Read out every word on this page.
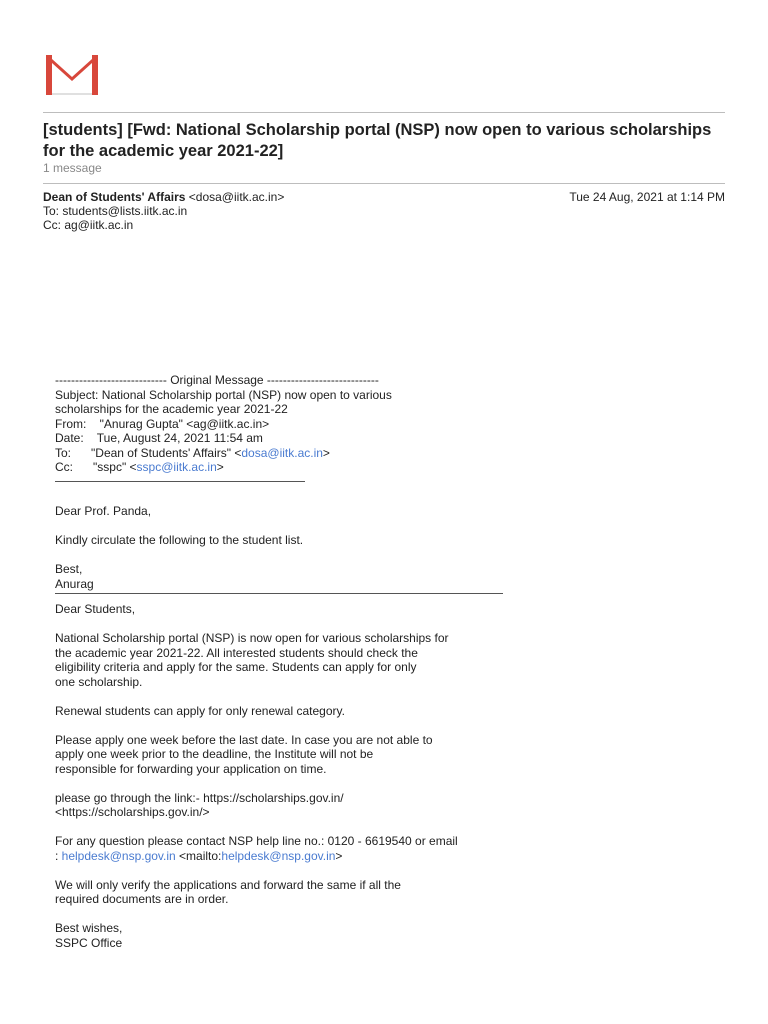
[students] [Fwd: National Scholarship portal (NSP) now open to various scholarships for the academic year 2021-22]
1 message
Dean of Students' Affairs <dosa@iitk.ac.in>	Tue 24 Aug, 2021 at 1:14 PM
To: students@lists.iitk.ac.in
Cc: ag@iitk.ac.in
---------------------------- Original Message ----------------------------
Subject: National Scholarship portal (NSP) now open to various
scholarships for the academic year 2021-22
From:    "Anurag Gupta" <ag@iitk.ac.in>
Date:    Tue, August 24, 2021 11:54 am
To:      "Dean of Students' Affairs" <dosa@iitk.ac.in>
Cc:      "sspc" <sspc@iitk.ac.in>
Dear Prof. Panda,
Kindly circulate the following to the student list.
Best,
Anurag
Dear Students,
National Scholarship portal (NSP) is now open for various scholarships for
the academic year 2021-22. All interested students should check the
eligibility criteria and apply for the same. Students can apply for only
one scholarship.
Renewal students can apply for only renewal category.
Please apply one week before the last date. In case you are not able to
apply one week prior to the deadline, the Institute will not be
responsible for forwarding your application on time.
please go through the link:- https://scholarships.gov.in/
<https://scholarships.gov.in/>
For any question please contact NSP help line no.: 0120 - 6619540 or email
: helpdesk@nsp.gov.in <mailto:helpdesk@nsp.gov.in>
We will only verify the applications and forward the same if all the
required documents are in order.
Best wishes,
SSPC Office
